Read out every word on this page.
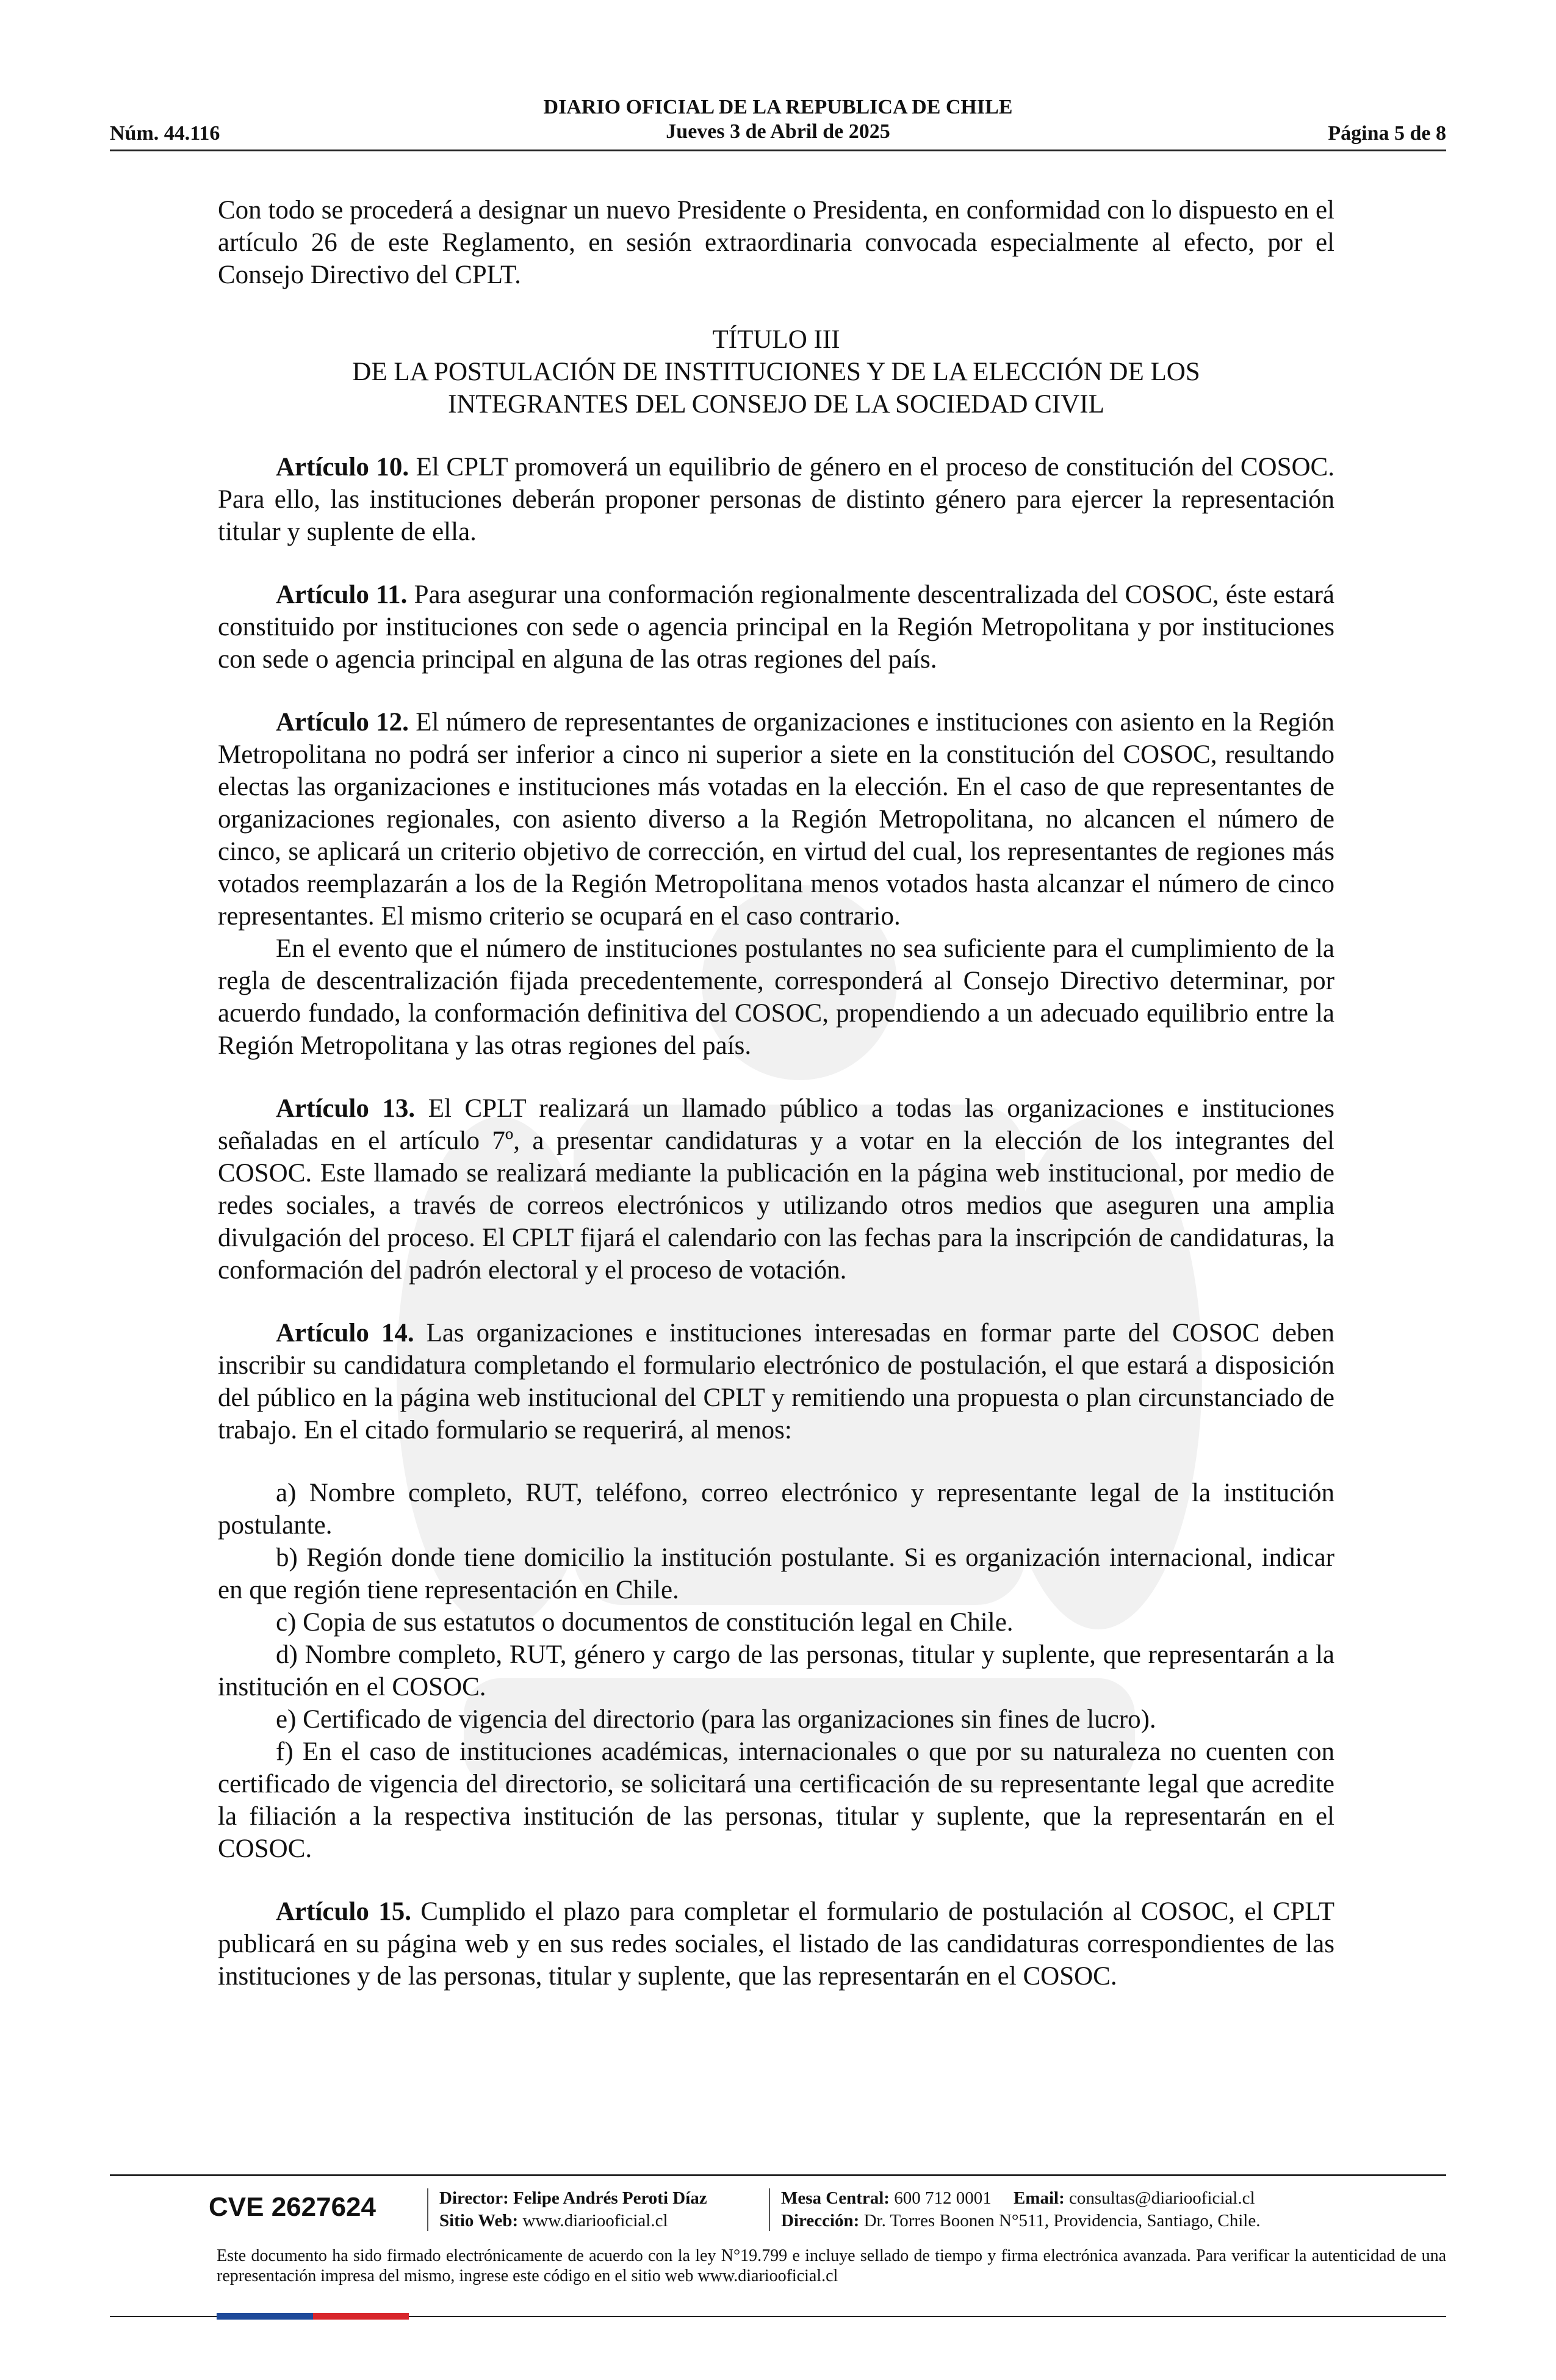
DIARIO OFICIAL DE LA REPUBLICA DE CHILE
Jueves 3 de Abril de 2025
Núm. 44.116	Página 5 de 8

Con todo se procederá a designar un nuevo Presidente o Presidenta, en conformidad con lo dispuesto en el artículo 26 de este Reglamento, en sesión extraordinaria convocada especialmente al efecto, por el Consejo Directivo del CPLT.

TÍTULO III
DE LA POSTULACIÓN DE INSTITUCIONES Y DE LA ELECCIÓN DE LOS
INTEGRANTES DEL CONSEJO DE LA SOCIEDAD CIVIL

Artículo 10. El CPLT promoverá un equilibrio de género en el proceso de constitución del COSOC. Para ello, las instituciones deberán proponer personas de distinto género para ejercer la representación titular y suplente de ella.

Artículo 11. Para asegurar una conformación regionalmente descentralizada del COSOC, éste estará constituido por instituciones con sede o agencia principal en la Región Metropolitana y por instituciones con sede o agencia principal en alguna de las otras regiones del país.

Artículo 12. El número de representantes de organizaciones e instituciones con asiento en la Región Metropolitana no podrá ser inferior a cinco ni superior a siete en la constitución del COSOC, resultando electas las organizaciones e instituciones más votadas en la elección. En el caso de que representantes de organizaciones regionales, con asiento diverso a la Región Metropolitana, no alcancen el número de cinco, se aplicará un criterio objetivo de corrección, en virtud del cual, los representantes de regiones más votados reemplazarán a los de la Región Metropolitana menos votados hasta alcanzar el número de cinco representantes. El mismo criterio se ocupará en el caso contrario.

En el evento que el número de instituciones postulantes no sea suficiente para el cumplimiento de la regla de descentralización fijada precedentemente, corresponderá al Consejo Directivo determinar, por acuerdo fundado, la conformación definitiva del COSOC, propendiendo a un adecuado equilibrio entre la Región Metropolitana y las otras regiones del país.

Artículo 13. El CPLT realizará un llamado público a todas las organizaciones e instituciones señaladas en el artículo 7º, a presentar candidaturas y a votar en la elección de los integrantes del COSOC. Este llamado se realizará mediante la publicación en la página web institucional, por medio de redes sociales, a través de correos electrónicos y utilizando otros medios que aseguren una amplia divulgación del proceso. El CPLT fijará el calendario con las fechas para la inscripción de candidaturas, la conformación del padrón electoral y el proceso de votación.

Artículo 14. Las organizaciones e instituciones interesadas en formar parte del COSOC deben inscribir su candidatura completando el formulario electrónico de postulación, el que estará a disposición del público en la página web institucional del CPLT y remitiendo una propuesta o plan circunstanciado de trabajo. En el citado formulario se requerirá, al menos:

a) Nombre completo, RUT, teléfono, correo electrónico y representante legal de la institución postulante.

b) Región donde tiene domicilio la institución postulante. Si es organización internacional, indicar en que región tiene representación en Chile.

c) Copia de sus estatutos o documentos de constitución legal en Chile.

d) Nombre completo, RUT, género y cargo de las personas, titular y suplente, que representarán a la institución en el COSOC.

e) Certificado de vigencia del directorio (para las organizaciones sin fines de lucro).

f) En el caso de instituciones académicas, internacionales o que por su naturaleza no cuenten con certificado de vigencia del directorio, se solicitará una certificación de su representante legal que acredite la filiación a la respectiva institución de las personas, titular y suplente, que la representarán en el COSOC.

Artículo 15. Cumplido el plazo para completar el formulario de postulación al COSOC, el CPLT publicará en su página web y en sus redes sociales, el listado de las candidaturas correspondientes de las instituciones y de las personas, titular y suplente, que las representarán en el COSOC.

CVE 2627624	Director: Felipe Andrés Peroti Díaz
Sitio Web: www.diariooficial.cl
Mesa Central: 600 712 0001 Email: consultas@diariooficial.cl
Dirección: Dr. Torres Boonen N°511, Providencia, Santiago, Chile.

Este documento ha sido firmado electrónicamente de acuerdo con la ley N°19.799 e incluye sellado de tiempo y firma electrónica avanzada. Para verificar la autenticidad de una representación impresa del mismo, ingrese este código en el sitio web www.diariooficial.cl
